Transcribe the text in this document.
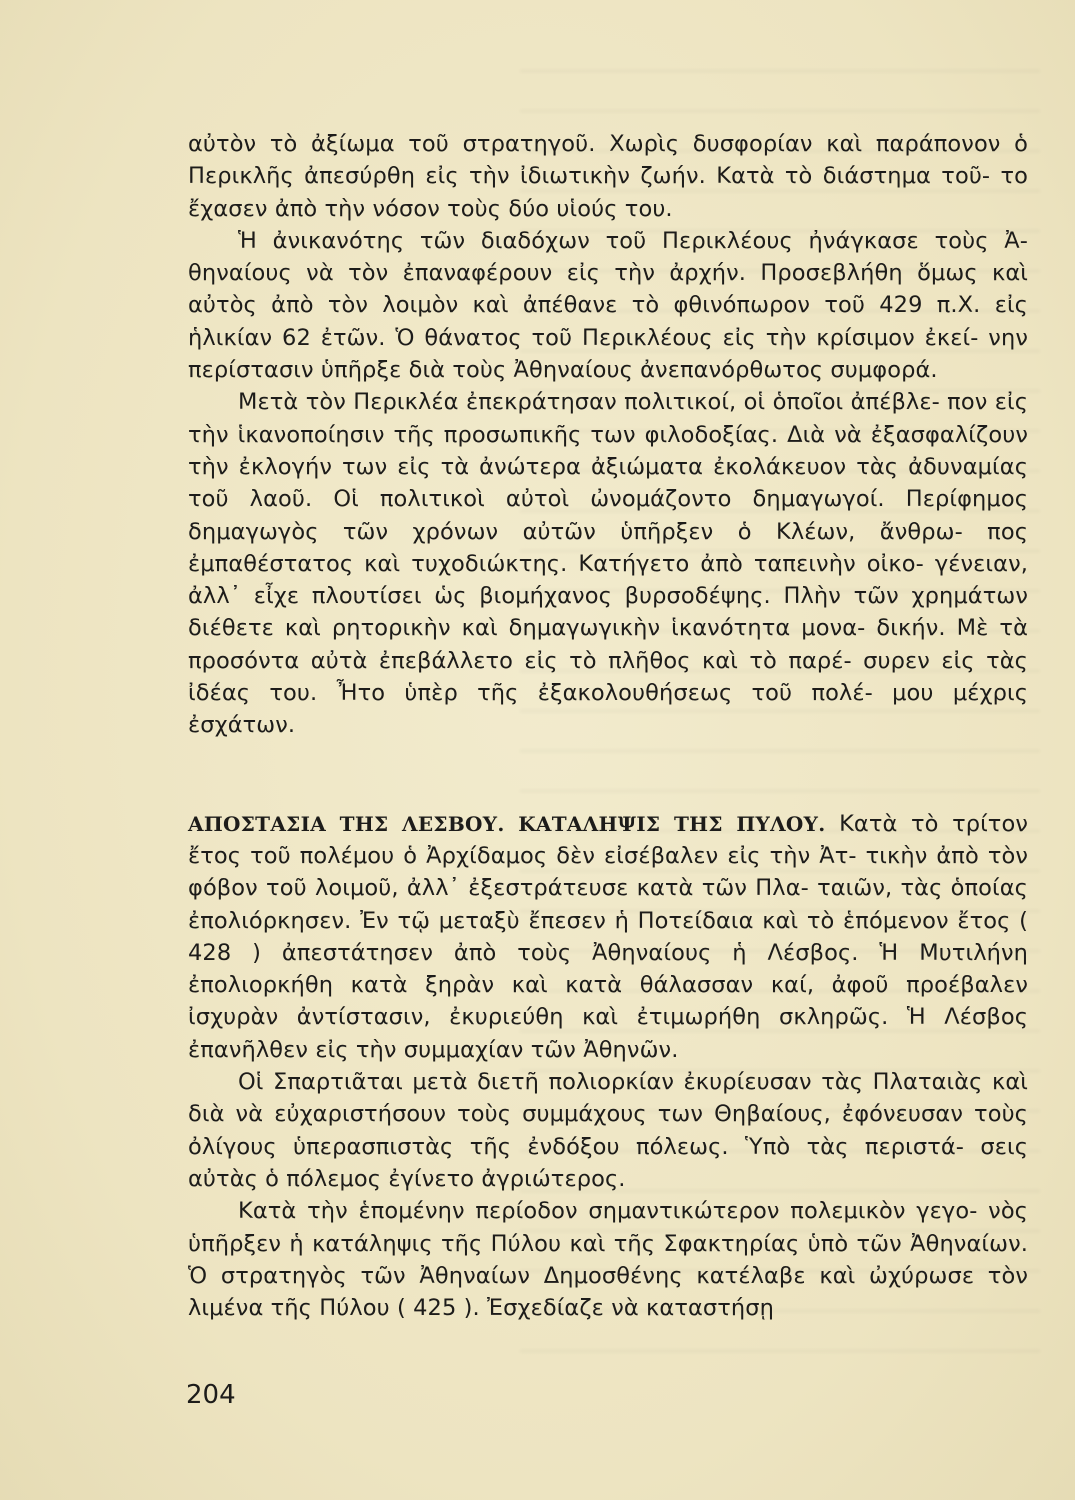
αὐτὸν τὸ ἀξίωμα τοῦ στρατηγοῦ. Χωρὶς δυσφορίαν καὶ παράπονον ὁ Περικλῆς ἀπεσύρθη εἰς τὴν ἰδιωτικὴν ζωήν. Κατὰ τὸ διάστημα τοῦ- το ἔχασεν ἀπὸ τὴν νόσον τοὺς δύο υἱούς του.

Ἡ ἀνικανότης τῶν διαδόχων τοῦ Περικλέους ἠνάγκασε τοὺς Ἀ- θηναίους νὰ τὸν ἐπαναφέρουν εἰς τὴν ἀρχήν. Προσεβλήθη ὅμως καὶ αὐτὸς ἀπὸ τὸν λοιμὸν καὶ ἀπέθανε τὸ φθινόπωρον τοῦ 429 π.Χ. εἰς ἡλικίαν 62 ἐτῶν. Ὁ θάνατος τοῦ Περικλέους εἰς τὴν κρίσιμον ἐκεί- νην περίστασιν ὑπῆρξε διὰ τοὺς Ἀθηναίους ἀνεπανόρθωτος συμφορά.

Μετὰ τὸν Περικλέα ἐπεκράτησαν πολιτικοί, οἱ ὁποῖοι ἀπέβλε- πον εἰς τὴν ἱκανοποίησιν τῆς προσωπικῆς των φιλοδοξίας. Διὰ νὰ ἐξασφαλίζουν τὴν ἐκλογήν των εἰς τὰ ἀνώτερα ἀξιώματα ἐκολάκευον τὰς ἀδυναμίας τοῦ λαοῦ. Οἱ πολιτικοὶ αὐτοὶ ὠνομάζοντο δημαγωγοί. Περίφημος δημαγωγὸς τῶν χρόνων αὐτῶν ὑπῆρξεν ὁ Κλέων, ἄνθρω- πος ἐμπαθέστατος καὶ τυχοδιώκτης. Κατήγετο ἀπὸ ταπεινὴν οἰκο- γένειαν, ἀλλ᾽ εἶχε πλουτίσει ὡς βιομήχανος βυρσοδέψης. Πλὴν τῶν χρημάτων διέθετε καὶ ρητορικὴν καὶ δημαγωγικὴν ἱκανότητα μονα- δικήν. Μὲ τὰ προσόντα αὐτὰ ἐπεβάλλετο εἰς τὸ πλῆθος καὶ τὸ παρέ- συρεν εἰς τὰς ἰδέας του. Ἦτο ὑπὲρ τῆς ἐξακολουθήσεως τοῦ πολέ- μου μέχρις ἐσχάτων.

ΑΠΟΣΤΑΣΙΑ ΤΗΣ ΛΕΣΒΟΥ. ΚΑΤΑΛΗΨΙΣ ΤΗΣ ΠΥΛΟΥ. Κατὰ τὸ τρίτον ἔτος τοῦ πολέμου ὁ Ἀρχίδαμος δὲν εἰσέβαλεν εἰς τὴν Ἀτ- τικὴν ἀπὸ τὸν φόβον τοῦ λοιμοῦ, ἀλλ᾽ ἐξεστράτευσε κατὰ τῶν Πλα- ταιῶν, τὰς ὁποίας ἐπολιόρκησεν. Ἐν τῷ μεταξὺ ἔπεσεν ἡ Ποτείδαια καὶ τὸ ἑπόμενον ἔτος ( 428 ) ἀπεστάτησεν ἀπὸ τοὺς Ἀθηναίους ἡ Λέσβος. Ἡ Μυτιλήνη ἐπολιορκήθη κατὰ ξηρὰν καὶ κατὰ θάλασσαν καί, ἀφοῦ προέβαλεν ἰσχυρὰν ἀντίστασιν, ἐκυριεύθη καὶ ἐτιμωρήθη σκληρῶς. Ἡ Λέσβος ἐπανῆλθεν εἰς τὴν συμμαχίαν τῶν Ἀθηνῶν.

Οἱ Σπαρτιᾶται μετὰ διετῆ πολιορκίαν ἐκυρίευσαν τὰς Πλαταιὰς καὶ διὰ νὰ εὐχαριστήσουν τοὺς συμμάχους των Θηβαίους, ἐφόνευσαν τοὺς ὀλίγους ὑπερασπιστὰς τῆς ἐνδόξου πόλεως. Ὑπὸ τὰς περιστά- σεις αὐτὰς ὁ πόλεμος ἐγίνετο ἀγριώτερος.

Κατὰ τὴν ἑπομένην περίοδον σημαντικώτερον πολεμικὸν γεγο- νὸς ὑπῆρξεν ἡ κατάληψις τῆς Πύλου καὶ τῆς Σφακτηρίας ὑπὸ τῶν Ἀθηναίων. Ὁ στρατηγὸς τῶν Ἀθηναίων Δημοσθένης κατέλαβε καὶ ὠχύρωσε τὸν λιμένα τῆς Πύλου ( 425 ). Ἐσχεδίαζε νὰ καταστήσῃ

204
